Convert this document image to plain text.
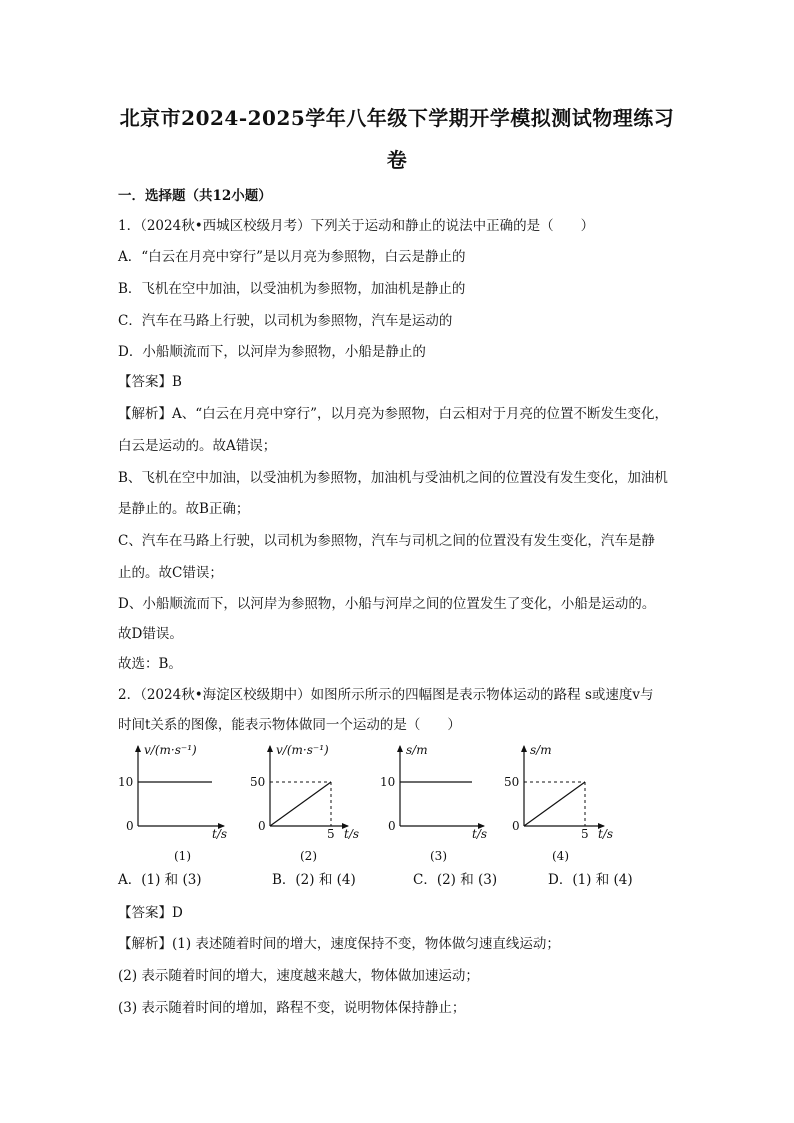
北京市2024-2025学年八年级下学期开学模拟测试物理练习
卷
一．选择题（共12小题）
1．（2024秋•西城区校级月考）下列关于运动和静止的说法中正确的是（　　）
A．“白云在月亮中穿行”是以月亮为参照物，白云是静止的
B．飞机在空中加油，以受油机为参照物，加油机是静止的
C．汽车在马路上行驶，以司机为参照物，汽车是运动的
D．小船顺流而下，以河岸为参照物，小船是静止的
【答案】B
【解析】A、“白云在月亮中穿行”，以月亮为参照物，白云相对于月亮的位置不断发生变化，
白云是运动的。故A错误；
B、飞机在空中加油，以受油机为参照物，加油机与受油机之间的位置没有发生变化，加油机
是静止的。故B正确；
C、汽车在马路上行驶，以司机为参照物，汽车与司机之间的位置没有发生变化，汽车是静
止的。故C错误；
D、小船顺流而下，以河岸为参照物，小船与河岸之间的位置发生了变化，小船是运动的。
故D错误。
故选：B。
2．（2024秋•海淀区校级期中）如图所示所示的四幅图是表示物体运动的路程 s或速度v与
时间t关系的图像，能表示物体做同一个运动的是（　　）
v/(m·s⁻¹)
10
0
t/s
(1)
v/(m·s⁻¹)
50
0
5 t/s
(2)
s/m
10
0
t/s
(3)
s/m
50
0
5 t/s
(4)
A．(1) 和 (3)	B．(2) 和 (4)	C．(2) 和 (3)	D．(1) 和 (4)
【答案】D
【解析】(1) 表述随着时间的增大，速度保持不变，物体做匀速直线运动；
(2) 表示随着时间的增大，速度越来越大，物体做加速运动；
(3) 表示随着时间的增加，路程不变，说明物体保持静止；
